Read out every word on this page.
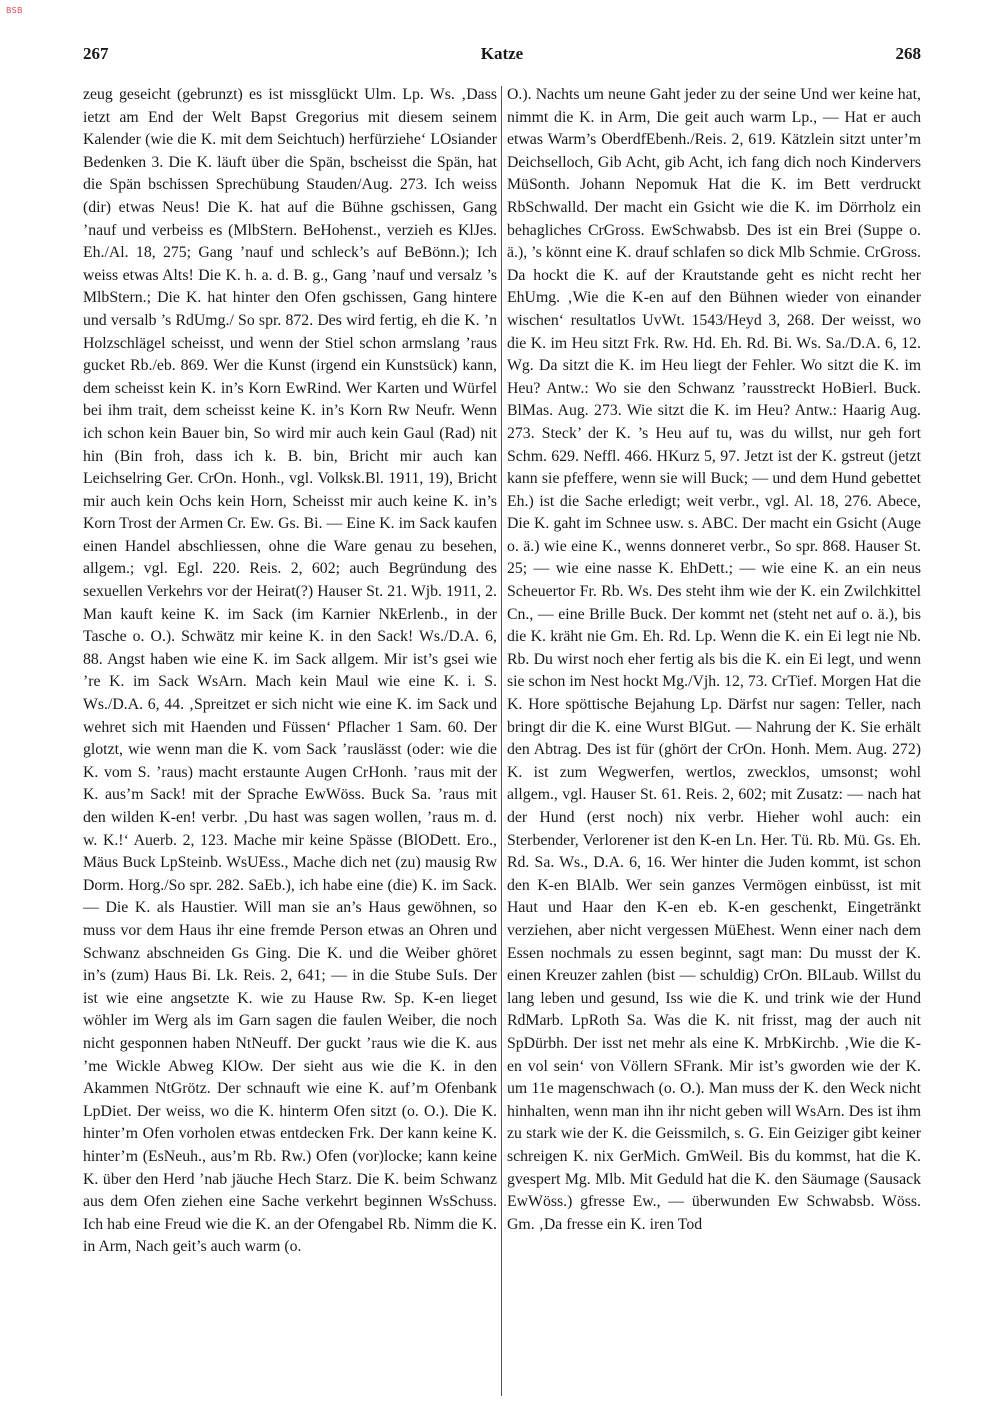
BSB
267	Katze	268

zeug geseicht (gebrunzt) es ist missglückt Ulm. Lp. Ws. ‚Dass ietzt am End der Welt Bapst Gregorius mit diesem seinem Kalender (wie die K. mit dem Seichtuch) herfürziehe‘ LOsiander Bedenken 3. Die K. läuft über die Spän, bscheisst die Spän, hat die Spän bschissen Sprechübung Stauden/Aug. 273. Ich weiss (dir) etwas Neus! Die K. hat auf die Bühne gschissen, Gang ’nauf und verbeiss es (MlbStern. BeHohenst., verzieh es KlJes. Eh./Al. 18, 275; Gang ’nauf und schleck’s auf BeBönn.); Ich weiss etwas Alts! Die K. h. a. d. B. g., Gang ’nauf und versalz ’s MlbStern.; Die K. hat hinter den Ofen gschissen, Gang hintere und versalb ’s RdUmg./ So spr. 872. Des wird fertig, eh die K. ’n Holzschlägel scheisst, und wenn der Stiel schon armslang ’raus gucket Rb./eb. 869. Wer die Kunst (irgend ein Kunstsück) kann, dem scheisst kein K. in’s Korn EwRind. Wer Karten und Würfel bei ihm trait, dem scheisst keine K. in’s Korn Rw Neufr. Wenn ich schon kein Bauer bin, So wird mir auch kein Gaul (Rad) nit hin (Bin froh, dass ich k. B. bin, Bricht mir auch kan Leichselring Ger. CrOn. Honh., vgl. Volksk.Bl. 1911, 19), Bricht mir auch kein Ochs kein Horn, Scheisst mir auch keine K. in’s Korn Trost der Armen Cr. Ew. Gs. Bi. — Eine K. im Sack kaufen einen Handel abschliessen, ohne die Ware genau zu besehen, allgem.; vgl. Egl. 220. Reis. 2, 602; auch Begründung des sexuellen Verkehrs vor der Heirat(?) Hauser St. 21. Wjb. 1911, 2. Man kauft keine K. im Sack (im Karnier NkErlenb., in der Tasche o. O.). Schwätz mir keine K. in den Sack! Ws./D.A. 6, 88. Angst haben wie eine K. im Sack allgem. Mir ist’s gsei wie ’re K. im Sack WsArn. Mach kein Maul wie eine K. i. S. Ws./D.A. 6, 44. ‚Spreitzet er sich nicht wie eine K. im Sack und wehret sich mit Haenden und Füssen‘ Pflacher 1 Sam. 60. Der glotzt, wie wenn man die K. vom Sack ’rauslässt (oder: wie die K. vom S. ’raus) macht erstaunte Augen CrHonh. ’raus mit der K. aus’m Sack! mit der Sprache EwWöss. Buck Sa. ’raus mit den wilden K-en! verbr. ‚Du hast was sagen wollen, ’raus m. d. w. K.!‘ Auerb. 2, 123. Mache mir keine Spässe (BlODett. Ero., Mäus Buck LpSteinb. WsUEss., Mache dich net (zu) mausig Rw Dorm. Horg./So spr. 282. SaEb.), ich habe eine (die) K. im Sack. — Die K. als Haustier. Will man sie an’s Haus gewöhnen, so muss vor dem Haus ihr eine fremde Person etwas an Ohren und Schwanz abschneiden Gs Ging. Die K. und die Weiber ghöret in’s (zum) Haus Bi. Lk. Reis. 2, 641; — in die Stube SuIs. Der ist wie eine angsetzte K. wie zu Hause Rw. Sp. K-en lieget wöhler im Werg als im Garn sagen die faulen Weiber, die noch nicht gesponnen haben NtNeuff. Der guckt ’raus wie die K. aus ’me Wickle Abweg KlOw. Der sieht aus wie die K. in den Akammen NtGrötz. Der schnauft wie eine K. auf’m Ofenbank LpDiet. Der weiss, wo die K. hinterm Ofen sitzt (o. O.). Die K. hinter’m Ofen vorholen etwas entdecken Frk. Der kann keine K. hinter’m (EsNeuh., aus’m Rb. Rw.) Ofen (vor)locke; kann keine K. über den Herd ’nab jäuche Hech Starz. Die K. beim Schwanz aus dem Ofen ziehen eine Sache verkehrt beginnen WsSchuss. Ich hab eine Freud wie die K. an der Ofengabel Rb. Nimm die K. in Arm, Nach geit’s auch warm (o.

O.). Nachts um neune Gaht jeder zu der seine Und wer keine hat, nimmt die K. in Arm, Die geit auch warm Lp., — Hat er auch etwas Warm’s OberdfEbenh./Reis. 2, 619. Kätzlein sitzt unter’m Deichselloch, Gib Acht, gib Acht, ich fang dich noch Kindervers MüSonth. Johann Nepomuk Hat die K. im Bett verdruckt RbSchwalld. Der macht ein Gsicht wie die K. im Dörrholz ein behagliches CrGross. EwSchwabsb. Des ist ein Brei (Suppe o. ä.), ’s könnt eine K. drauf schlafen so dick Mlb Schmie. CrGross. Da hockt die K. auf der Krautstande geht es nicht recht her EhUmg. ‚Wie die K-en auf den Bühnen wieder von einander wischen‘ resultatlos UvWt. 1543/Heyd 3, 268. Der weisst, wo die K. im Heu sitzt Frk. Rw. Hd. Eh. Rd. Bi. Ws. Sa./D.A. 6, 12. Wg. Da sitzt die K. im Heu liegt der Fehler. Wo sitzt die K. im Heu? Antw.: Wo sie den Schwanz ’rausstreckt HoBierl. Buck. BlMas. Aug. 273. Wie sitzt die K. im Heu? Antw.: Haarig Aug. 273. Steck’ der K. ’s Heu auf tu, was du willst, nur geh fort Schm. 629. Neffl. 466. HKurz 5, 97. Jetzt ist der K. gstreut (jetzt kann sie pfeffere, wenn sie will Buck; — und dem Hund gebettet Eh.) ist die Sache erledigt; weit verbr., vgl. Al. 18, 276. Abece, Die K. gaht im Schnee usw. s. ABC. Der macht ein Gsicht (Auge o. ä.) wie eine K., wenns donneret verbr., So spr. 868. Hauser St. 25; — wie eine nasse K. EhDett.; — wie eine K. an ein neus Scheuertor Fr. Rb. Ws. Des steht ihm wie der K. ein Zwilchkittel Cn., — eine Brille Buck. Der kommt net (steht net auf o. ä.), bis die K. kräht nie Gm. Eh. Rd. Lp. Wenn die K. ein Ei legt nie Nb. Rb. Du wirst noch eher fertig als bis die K. ein Ei legt, und wenn sie schon im Nest hockt Mg./Vjh. 12, 73. CrTief. Morgen Hat die K. Hore spöttische Bejahung Lp. Därfst nur sagen: Teller, nach bringt dir die K. eine Wurst BlGut. — Nahrung der K. Sie erhält den Abtrag. Des ist für (ghört der CrOn. Honh. Mem. Aug. 272) K. ist zum Wegwerfen, wertlos, zwecklos, umsonst; wohl allgem., vgl. Hauser St. 61. Reis. 2, 602; mit Zusatz: — nach hat der Hund (erst noch) nix verbr. Hieher wohl auch: ein Sterbender, Verlorener ist den K-en Ln. Her. Tü. Rb. Mü. Gs. Eh. Rd. Sa. Ws., D.A. 6, 16. Wer hinter die Juden kommt, ist schon den K-en BlAlb. Wer sein ganzes Vermögen einbüsst, ist mit Haut und Haar den K-en eb. K-en geschenkt, Eingetränkt verziehen, aber nicht vergessen MüEhest. Wenn einer nach dem Essen nochmals zu essen beginnt, sagt man: Du musst der K. einen Kreuzer zahlen (bist — schuldig) CrOn. BlLaub. Willst du lang leben und gesund, Iss wie die K. und trink wie der Hund RdMarb. LpRoth Sa. Was die K. nit frisst, mag der auch nit SpDürbh. Der isst net mehr als eine K. MrbKirchb. ‚Wie die K-en vol sein‘ von Völlern SFrank. Mir ist’s gworden wie der K. um 11e magenschwach (o. O.). Man muss der K. den Weck nicht hinhalten, wenn man ihn ihr nicht geben will WsArn. Des ist ihm zu stark wie der K. die Geissmilch, s. G. Ein Geiziger gibt keiner schreigen K. nix GerMich. GmWeil. Bis du kommst, hat die K. gvespert Mg. Mlb. Mit Geduld hat die K. den Säumage (Sausack EwWöss.) gfresse Ew., — überwunden Ew Schwabsb. Wöss. Gm. ‚Da fresse ein K. iren Tod
